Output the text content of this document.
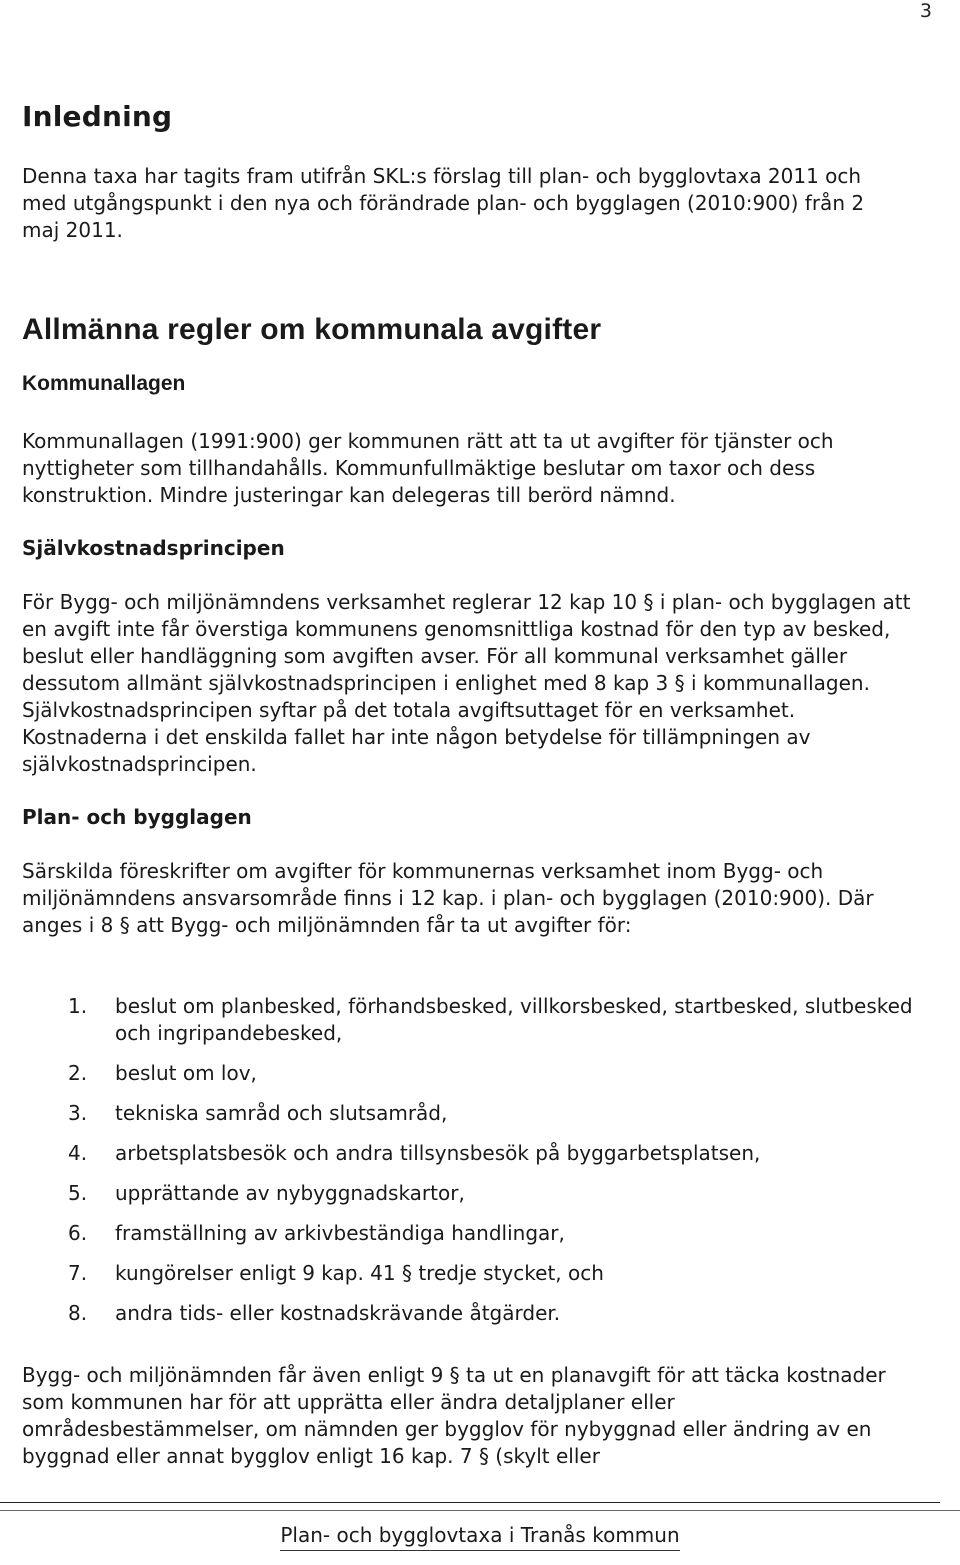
3
Inledning

Denna taxa har tagits fram utifrån SKL:s förslag till plan- och bygglovtaxa 2011 och med utgångspunkt i den nya och förändrade plan- och bygglagen (2010:900) från 2 maj 2011.

Allmänna regler om kommunala avgifter
Kommunallagen

Kommunallagen (1991:900) ger kommunen rätt att ta ut avgifter för tjänster och nyttigheter som tillhandahålls. Kommunfullmäktige beslutar om taxor och dess konstruktion. Mindre justeringar kan delegeras till berörd nämnd.

Självkostnadsprincipen

För Bygg- och miljönämndens verksamhet reglerar 12 kap 10 § i plan- och bygglagen att en avgift inte får överstiga kommunens genomsnittliga kostnad för den typ av besked, beslut eller handläggning som avgiften avser. För all kommunal verksamhet gäller dessutom allmänt självkostnadsprincipen i enlighet med 8 kap 3 § i kommunallagen. Självkostnadsprincipen syftar på det totala avgiftsuttaget för en verksamhet. Kostnaderna i det enskilda fallet har inte någon betydelse för tillämpningen av självkostnadsprincipen.

Plan- och bygglagen

Särskilda föreskrifter om avgifter för kommunernas verksamhet inom Bygg- och miljönämndens ansvarsområde finns i 12 kap. i plan- och bygglagen (2010:900). Där anges i 8 § att Bygg- och miljönämnden får ta ut avgifter för:

1. beslut om planbesked, förhandsbesked, villkorsbesked, startbesked, slutbesked och ingripandebesked,
2. beslut om lov,
3. tekniska samråd och slutsamråd,
4. arbetsplatsbesök och andra tillsynsbesök på byggarbetsplatsen,
5. upprättande av nybyggnadskartor,
6. framställning av arkivbeständiga handlingar,
7. kungörelser enligt 9 kap. 41 § tredje stycket, och
8. andra tids- eller kostnadskrävande åtgärder.

Bygg- och miljönämnden får även enligt 9 § ta ut en planavgift för att täcka kostnader som kommunen har för att upprätta eller ändra detaljplaner eller områdesbestämmelser, om nämnden ger bygglov för nybyggnad eller ändring av en byggnad eller annat bygglov enligt 16 kap. 7 § (skylt eller

Plan- och bygglovtaxa i Tranås kommun
